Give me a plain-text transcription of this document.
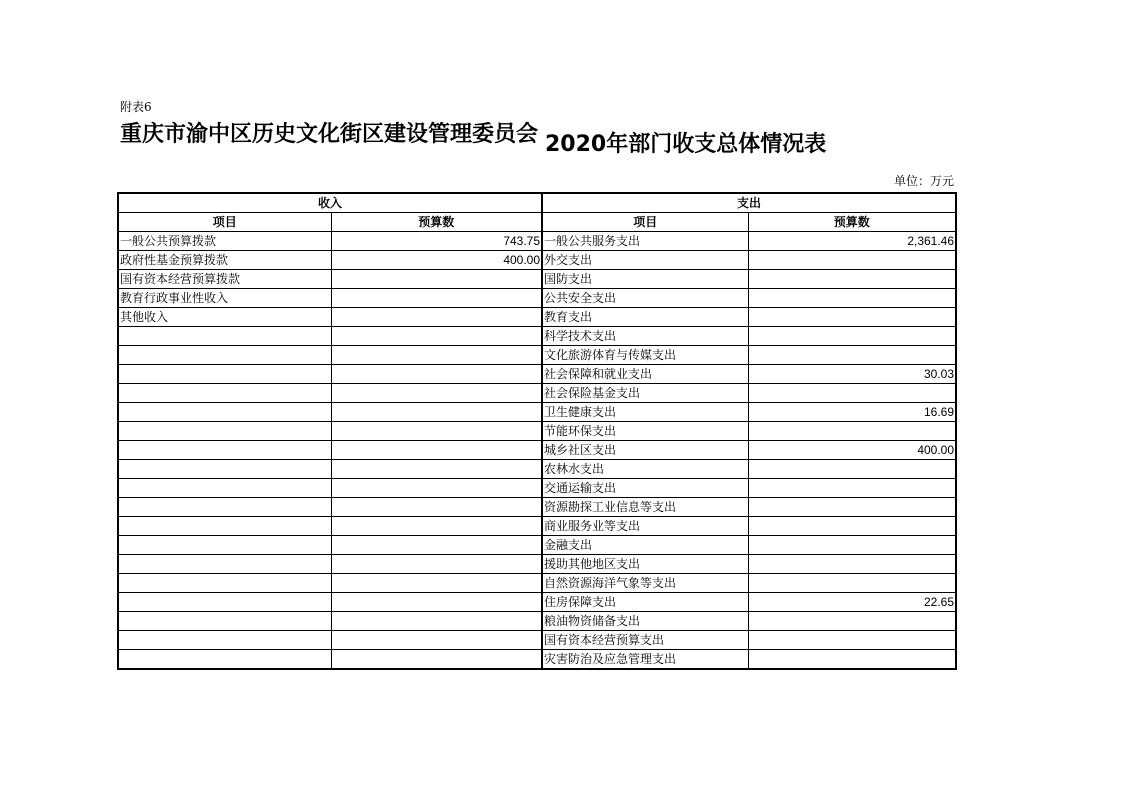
附表6
重庆市渝中区历史文化街区建设管理委员会 2020年部门收支总体情况表
单位：万元
收入		支出	
项目	预算数	项目	预算数
一般公共预算拨款	743.75	一般公共服务支出	2,361.46
政府性基金预算拨款	400.00	外交支出	
国有资本经营预算拨款		国防支出	
教育行政事业性收入		公共安全支出	
其他收入		教育支出	
		科学技术支出	
		文化旅游体育与传媒支出	
		社会保障和就业支出	30.03
		社会保险基金支出	
		卫生健康支出	16.69
		节能环保支出	
		城乡社区支出	400.00
		农林水支出	
		交通运输支出	
		资源勘探工业信息等支出	
		商业服务业等支出	
		金融支出	
		援助其他地区支出	
		自然资源海洋气象等支出	
		住房保障支出	22.65
		粮油物资储备支出	
		国有资本经营预算支出	
		灾害防治及应急管理支出	
